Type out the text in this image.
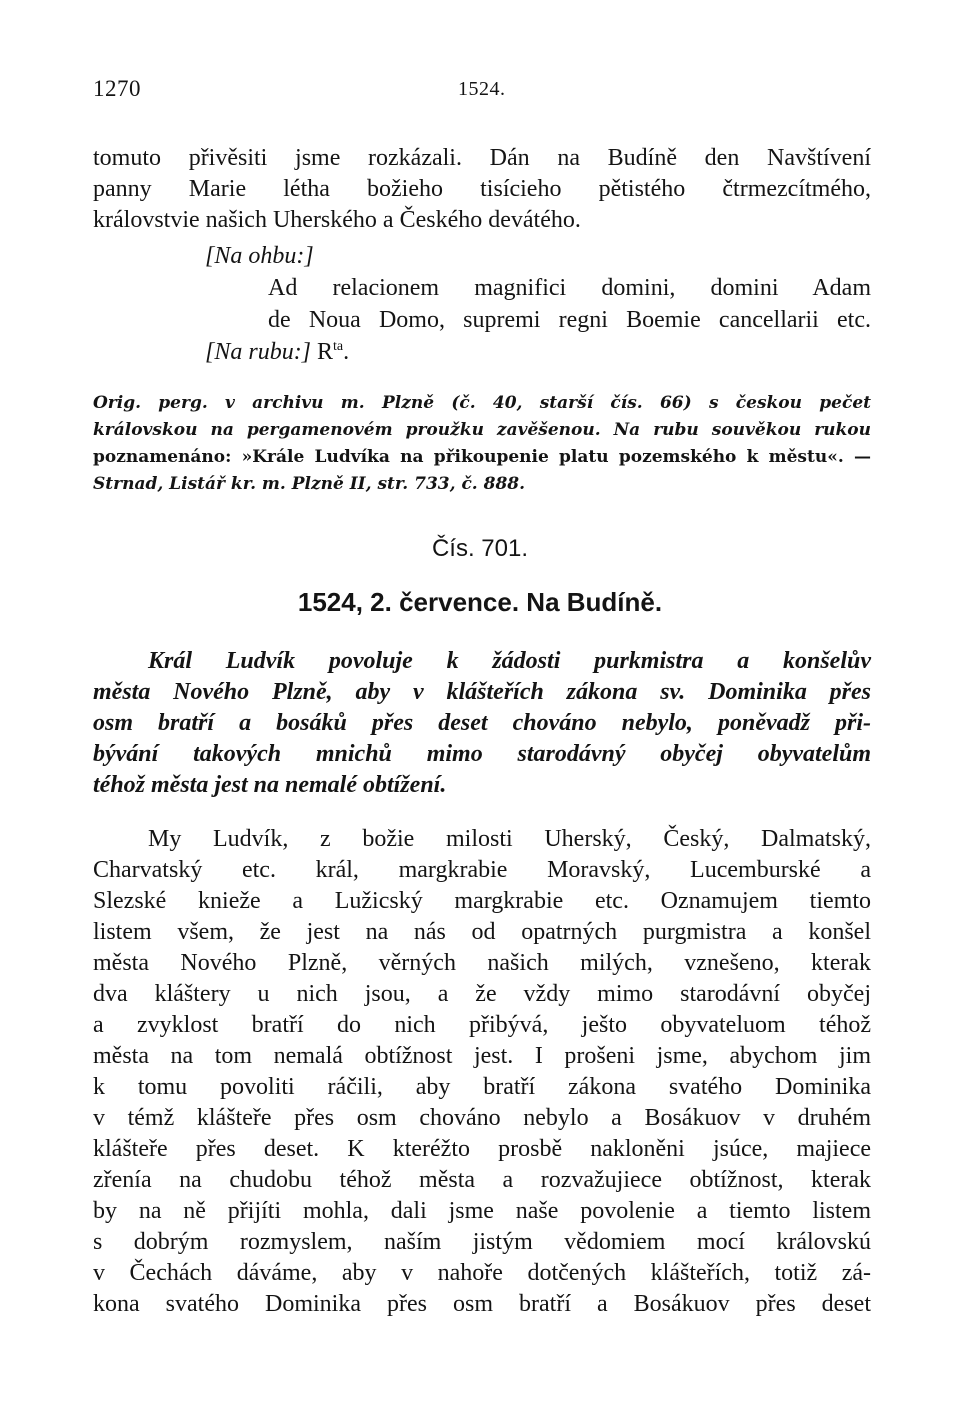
1270	1524.
tomuto přivěsiti jsme rozkázali. Dán na Budíně den Navštívení
panny Marie létha božieho tisícieho pětistého čtrmezcítmého,
královstvie našich Uherského a Českého devátého.
[Na ohbu:]
Ad relacionem magnifici domini, domini Adam
de Noua Domo, supremi regni Boemie cancellarii etc.
[Na rubu:] $R^{ta}$.
Orig. perg. v archivu m. Plzně (č. 40, starší čís. 66) s českou pečet
královskou na pergamenovém proužku zavěšenou. Na rubu souvěkou rukou
poznamenáno: »Krále Ludvíka na přikoupenie platu pozemského k městu«. —
Strnad, Listář kr. m. Plzně II, str. 733, č. 888.
Čís. 701.
1524, 2. července. Na Budíně.
Král Ludvík povoluje k žádosti purkmistra a konšelův
města Nového Plzně, aby v klášteřích zákona sv. Dominika přes
osm bratří a bosáků přes deset chováno nebylo, poněvadž při-
bývání takových mnichů mimo starodávný obyčej obyvatelům
téhož města jest na nemalé obtížení.
My Ludvík, z božie milosti Uherský, Český, Dalmatský,
Charvatský etc. král, margkrabie Moravský, Lucemburské a
Slezské knieže a Lužicský margkrabie etc. Oznamujem tiemto
listem všem, že jest na nás od opatrných purgmistra a konšel
města Nového Plzně, věrných našich milých, vznešeno, kterak
dva kláštery u nich jsou, a že vždy mimo starodávní obyčej
a zvyklost bratří do nich přibývá, ješto obyvateluom téhož
města na tom nemalá obtížnost jest. I prošeni jsme, abychom jim
k tomu povoliti ráčili, aby bratří zákona svatého Dominika
v témž klášteře přes osm chováno nebylo a Bosákuov v druhém
klášteře přes deset. K kteréžto prosbě nakloněni jsúce, majiece
zřenía na chudobu téhož města a rozvažujiece obtížnost, kterak
by na ně přijíti mohla, dali jsme naše povolenie a tiemto listem
s dobrým rozmyslem, naším jistým vědomiem mocí královskú
v Čechách dáváme, aby v nahoře dotčených klášteřích, totiž zá-
kona svatého Dominika přes osm bratří a Bosákuov přes deset
